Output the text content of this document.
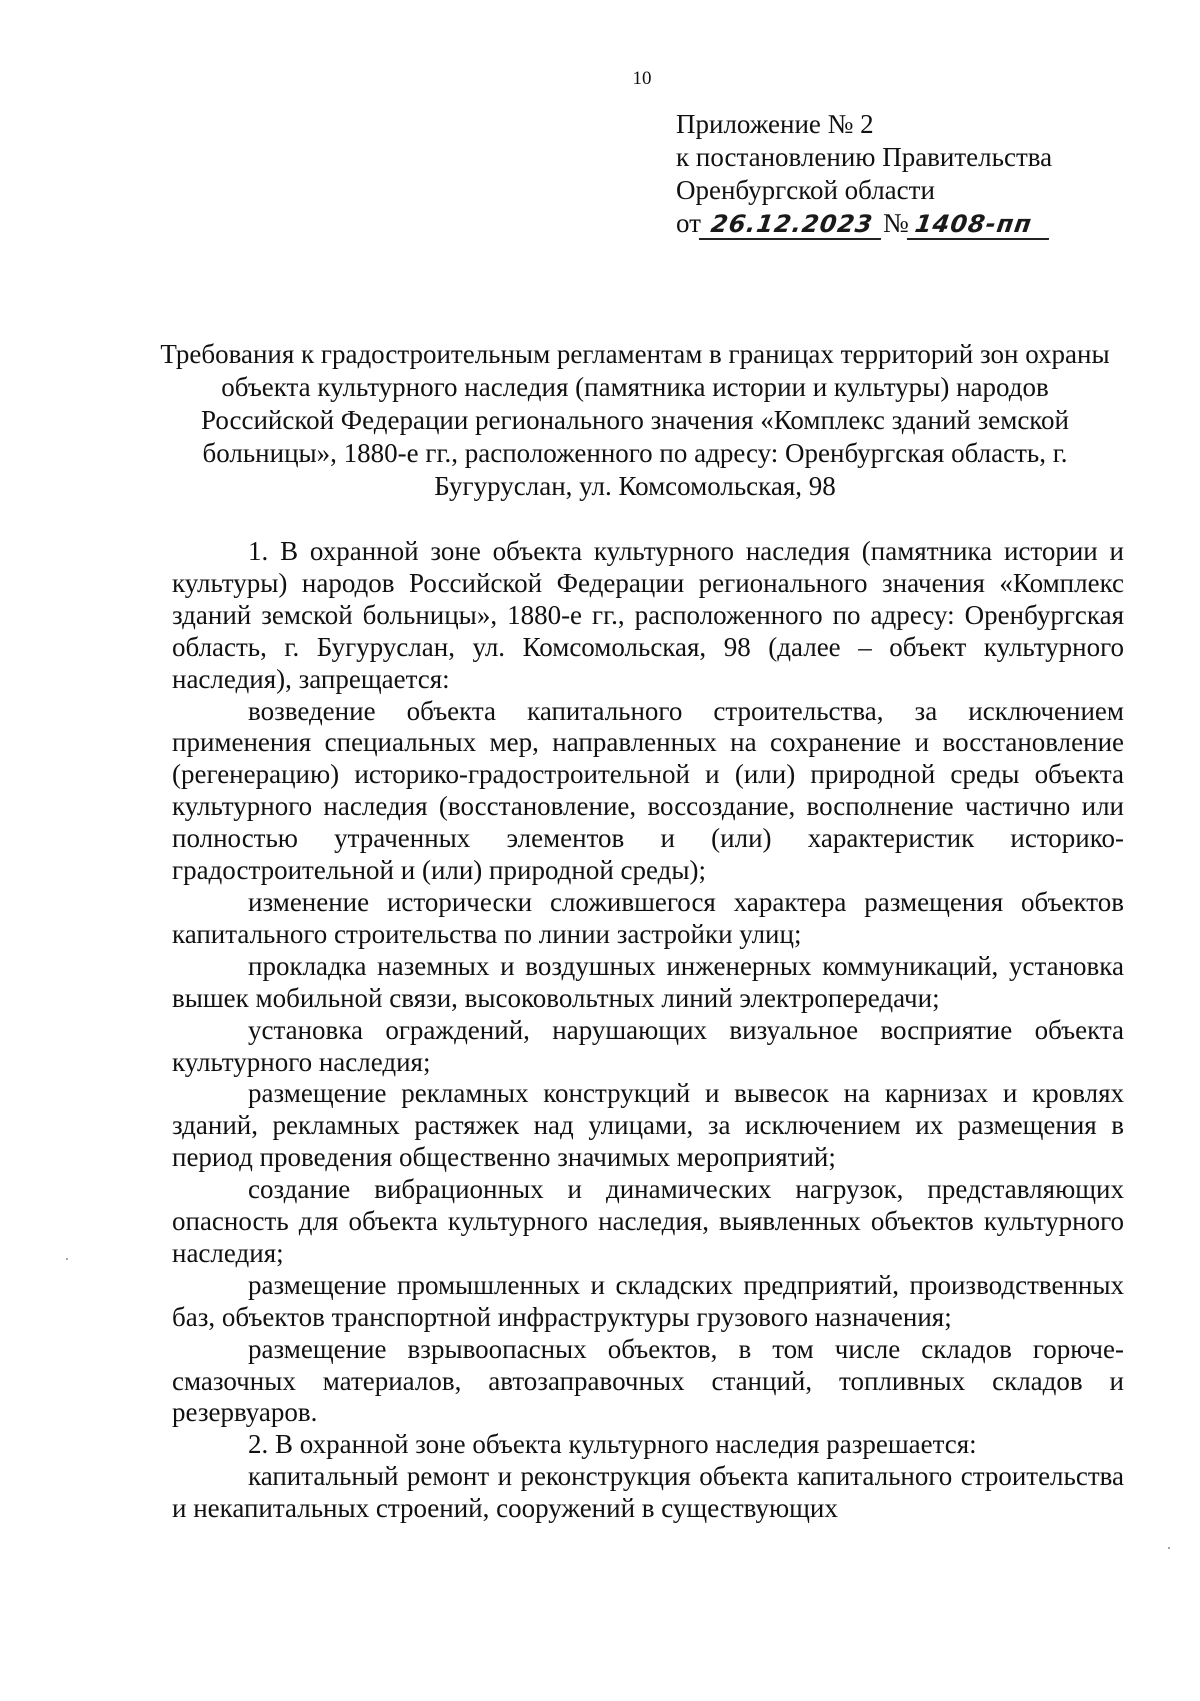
10
Приложение № 2
к постановлению Правительства
Оренбургской области
от 26.12.2023 № 1408-пп
Требования к градостроительным регламентам в границах территорий зон охраны объекта культурного наследия (памятника истории и культуры) народов Российской Федерации регионального значения «Комплекс зданий земской больницы», 1880-е гг., расположенного по адресу: Оренбургская область, г. Бугуруслан, ул. Комсомольская, 98

1. В охранной зоне объекта культурного наследия (памятника истории и культуры) народов Российской Федерации регионального значения «Комплекс зданий земской больницы», 1880-е гг., расположенного по адресу: Оренбургская область, г. Бугуруслан, ул. Комсомольская, 98 (далее – объект культурного наследия), запрещается:

возведение объекта капитального строительства, за исключением применения специальных мер, направленных на сохранение и восстановление (регенерацию) историко-градостроительной и (или) природной среды объекта культурного наследия (восстановление, воссоздание, восполнение частично или полностью утраченных элементов и (или) характеристик историко-градостроительной и (или) природной среды);

изменение исторически сложившегося характера размещения объектов капитального строительства по линии застройки улиц;

прокладка наземных и воздушных инженерных коммуникаций, установка вышек мобильной связи, высоковольтных линий электропередачи;

установка ограждений, нарушающих визуальное восприятие объекта культурного наследия;

размещение рекламных конструкций и вывесок на карнизах и кровлях зданий, рекламных растяжек над улицами, за исключением их размещения в период проведения общественно значимых мероприятий;

создание вибрационных и динамических нагрузок, представляющих опасность для объекта культурного наследия, выявленных объектов культурного наследия;

размещение промышленных и складских предприятий, производственных баз, объектов транспортной инфраструктуры грузового назначения;

размещение взрывоопасных объектов, в том числе складов горюче-смазочных материалов, автозаправочных станций, топливных складов и резервуаров.

2. В охранной зоне объекта культурного наследия разрешается:

капитальный ремонт и реконструкция объекта капитального строительства и некапитальных строений, сооружений в существующих
